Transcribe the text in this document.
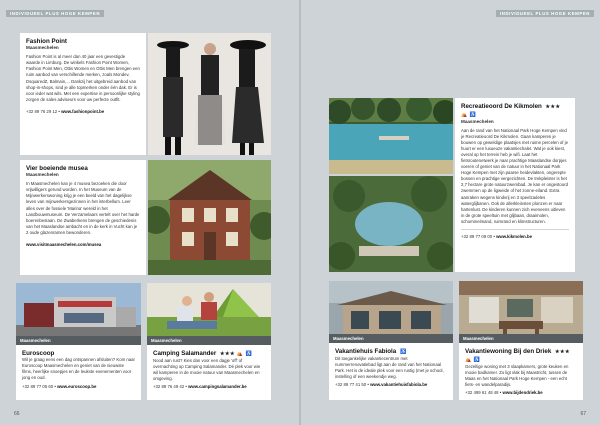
INDIVIDUEEL PLUS HOGE KEMPEN
Fashion Point
Maasmechelen

Fashion Point is al meer dan 40 jaar een gevestigde waarde in Limburg. De winkels Fashion Point Women, Fashion Point Men, Ottis Women en Ottis Men brengen een ruim aanbod van verschillende merken, zoals Mondev, DsquaredZ, Balmain,... Dankzij het uitgebreid aanbod van shop-in-shops, sind je alle topmerken onder één dak. Er is voor ieder wat wils. Met een expertise in persoonlijke styling zorgen de sales adviseurs voor uw perfecte outfit.

+32 89 76 29 12 • www.fashionpoint.be
Vier boeiende musea
Maasmechelen

In Maasmechelen kan je 4 musea bezoeken die door vrijwilligers gerund worden. In het Museum van de Mijnwerkerswoning krijg je een beeld van het dagelijkse leven van mijnwerkersgezinnen in het interbellum. Leer alles over de fossiele 'Marina' wereld in het Landbouwmuseum. De Verzamelaars vertelt over het harde boerenbestaan. De Zwaberkens brengen de geschiedenis van het Maaslandse ambacht en in de kerk in Vucht kan je 2 oude glazenramen bewonderen.

www.visitmaasmechelen.com/musea
Maasmechelen
Euroscoop

Wil je graag eens een dag ontspannen afsluiten? Kom naar Euroscoop Maasmechelen en geniet van de nieuwste films, heerlijke snoepjes en de leukste evenementen voor jong en oud.

+32 89 77 05 60 • www.euroscoop.be
Maasmechelen
Camping Salamander ★★★ ⛺ ♿

Nood aan rust? Kies dan voor een dagje 'off' of overnachting op Camping Salamander. Dé plek voor wie wil kamperen in de mooie natuur van Maasmechelen en omgeving.

+32 89 76 49 42 • www.campingsalamander.be
66
INDIVIDUEEL PLUS HOGE KEMPEN
Recreatieoord De Kikmolen ★★★ ⛺ ♿
Maasmechelen

Aan de rand van het Nationaal Park Hoge Kempen vind je Recreatieoord De Kikmolen. Gaan kamperen je bouwen op geweldige plaatsjes met ruime percelen of je huurt er een luxueuze vakantiechalet. Wat je ook kiest, overal op het terrein heb je wifi. Laat het fietsroutenetwerk je naar prachtige Maaslandse dorpjes voeren of geniet van de natuur in het Nationaal Park Hoge Kempen met zijn paarse heidevlakten, ongerepte bossen en prachtige vergezichten. De trekpleister is het 2,7 hectare grote natuurzwembad. Je kan er ongestoord zwemmen op de ligweide of het zonne-eiland. Extra aanraken wegens kindvrij en 3 speelzadeles waterglijbanen. Ook de allerkleinsten plonzen er naar hartenlust. De kinderen kunnen zich eveneens uitleven in de grote speeltuin met glijbaan, draaimolen, schommelmand, ruimrand en klimstructuren.

+32 89 77 09 00 • www.kikmolen.be
Maasmechelen
Vakantiehuis Fabiola ♿

Dit toegankelijke vakantiecentrum met nummerrenovatiebad ligt aan de rand van het Nationaal Park. Het is de ideale plek voor een rustig (met je school, instelling of een weekendje weg.

+32 89 77 41 50 • www.vakantiehuisfabiola.be
Maasmechelen
Vakantiewoning Bij den Driek ★★★ ⛺ ♿

Gezellige woning met 3 slaapkamers, grote keuken en mooie badkamer. Zo ligt vlak bij Maastricht, tussen de Maas en het Nationaal Park Hoge Kempen - een echt fiets- en wandelparadijs.

+32 499 61 48 48 • www.bijdendriek.be
67
